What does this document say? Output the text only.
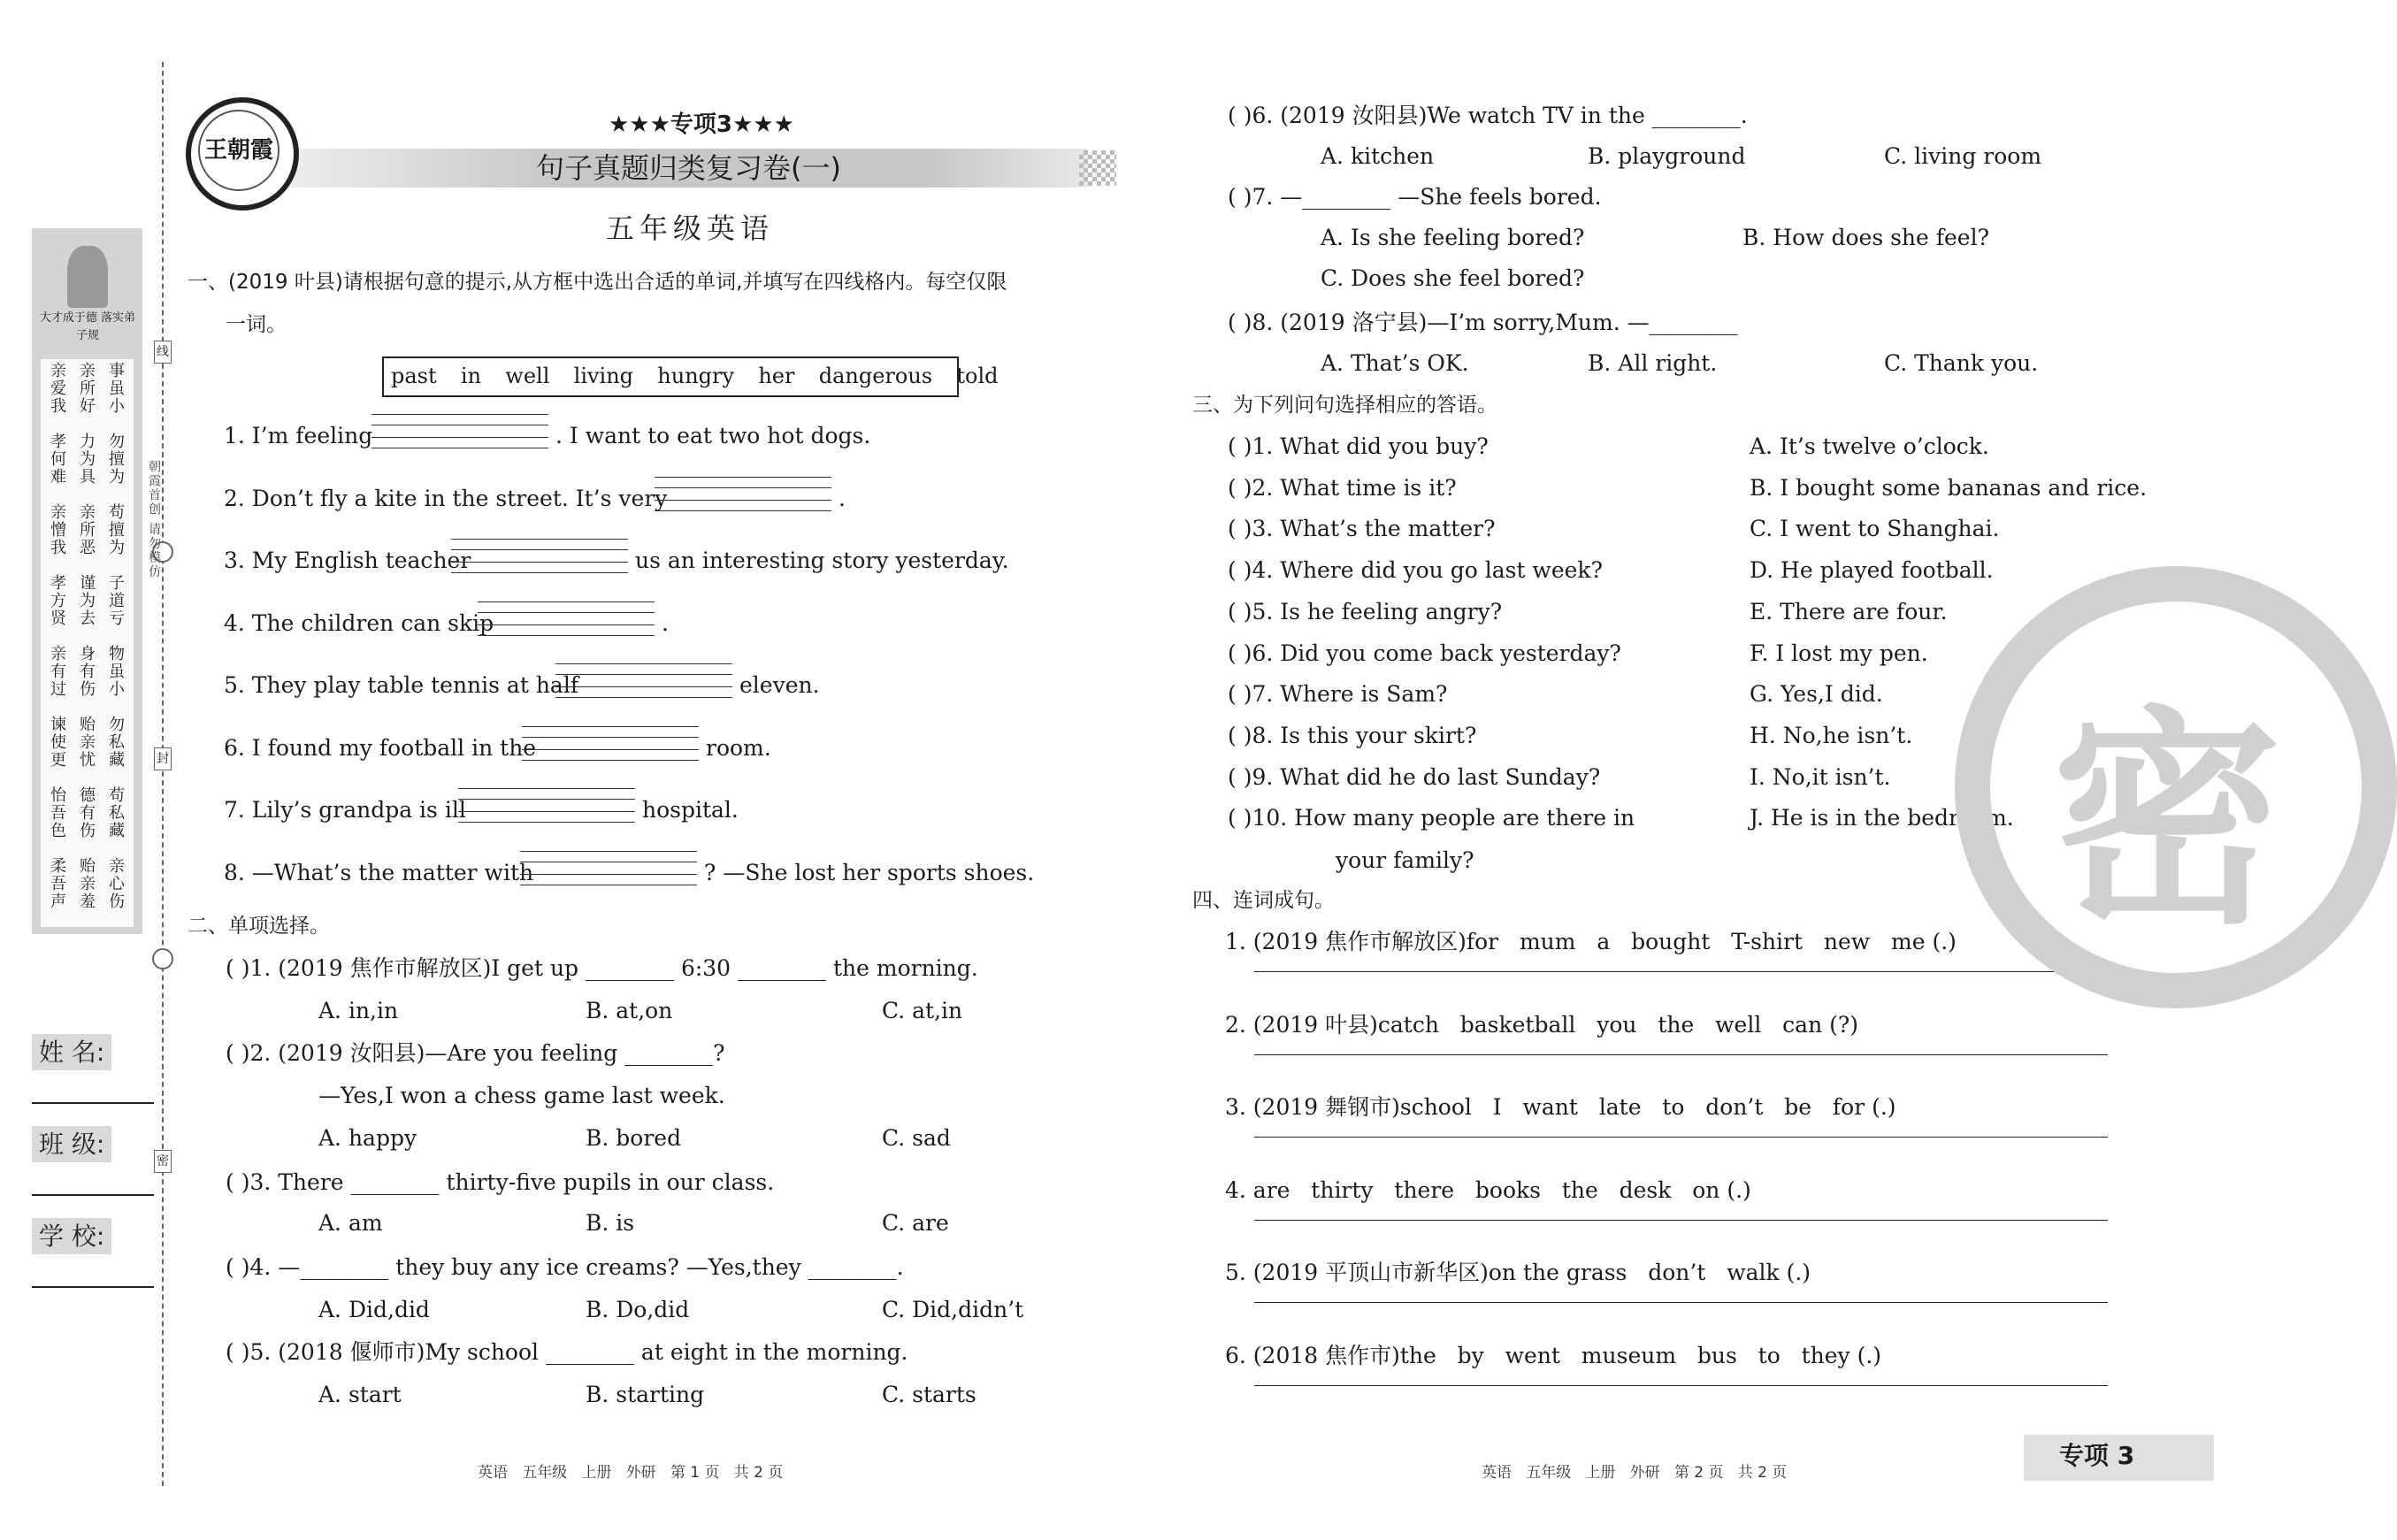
大才成于德 落实弟子规
亲爱我
亲所好
事虽小
孝何难
力为具
勿擅为
亲憎我
亲所恶
苟擅为
孝方贤
谨为去
子道亏
亲有过
身有伤
物虽小
谏使更
贻亲忧
勿私藏
怡吾色
德有伤
苟私藏
柔吾声
贻亲羞
亲心伤
线
封
密
朝霞首创 请勿模仿
姓 名:
班 级:
学 校:
王朝霞
★★★专项3★★★
句子真题归类复习卷(一)
五年级英语
一、(2019 叶县)请根据句意的提示,从方框中选出合适的单词,并填写在四线格内。每空仅限
一词。
past  in  well  living  hungry  her  dangerous  told
1. I’m feeling	. I want to eat two hot dogs.
2. Don’t fly a kite in the street. It’s very	.
3. My English teacher	us an interesting story yesterday.
4. The children can skip	.
5. They play table tennis at half	eleven.
6. I found my football in the	room.
7. Lily’s grandpa is ill	hospital.
8. —What’s the matter with	? —She lost her sports shoes.
二、单项选择。
( )1. (2019 焦作市解放区)I get up ________ 6:30 ________ the morning.
A. in,in	B. at,on	C. at,in
( )2. (2019 汝阳县)—Are you feeling ________?
—Yes,I won a chess game last week.
A. happy	B. bored	C. sad
( )3. There ________ thirty-five pupils in our class.
A. am	B. is	C. are
( )4. —________ they buy any ice creams? —Yes,they ________.
A. Did,did	B. Do,did	C. Did,didn’t
( )5. (2018 偃师市)My school ________ at eight in the morning.
A. start	B. starting	C. starts
( )6. (2019 汝阳县)We watch TV in the ________.
A. kitchen	B. playground	C. living room
( )7. —________ —She feels bored.
A. Is she feeling bored?	B. How does she feel?
C. Does she feel bored?
( )8. (2019 洛宁县)—I’m sorry,Mum. —________
A. That’s OK.	B. All right.	C. Thank you.
三、为下列问句选择相应的答语。
( )1. What did you buy?	A. It’s twelve o’clock.
( )2. What time is it?	B. I bought some bananas and rice.
( )3. What’s the matter?	C. I went to Shanghai.
( )4. Where did you go last week?	D. He played football.
( )5. Is he feeling angry?	E. There are four.
( )6. Did you come back yesterday?	F. I lost my pen.
( )7. Where is Sam?	G. Yes,I did.
( )8. Is this your skirt?	H. No,he isn’t.
( )9. What did he do last Sunday?	I. No,it isn’t.
( )10. How many people are there in	J. He is in the bedroom.
your family?
四、连词成句。
1. (2019 焦作市解放区)for   mum   a   bought   T-shirt   new   me (.)
2. (2019 叶县)catch   basketball   you   the   well   can (?)
3. (2019 舞钢市)school   I   want   late   to   don’t   be   for (.)
4. are   thirty   there   books   the   desk   on (.)
5. (2019 平顶山市新华区)on the grass   don’t   walk (.)
6. (2018 焦作市)the   by   went   museum   bus   to   they (.)
密
英语   五年级   上册   外研   第 1 页   共 2 页	英语   五年级   上册   外研   第 2 页   共 2 页
专项 3
